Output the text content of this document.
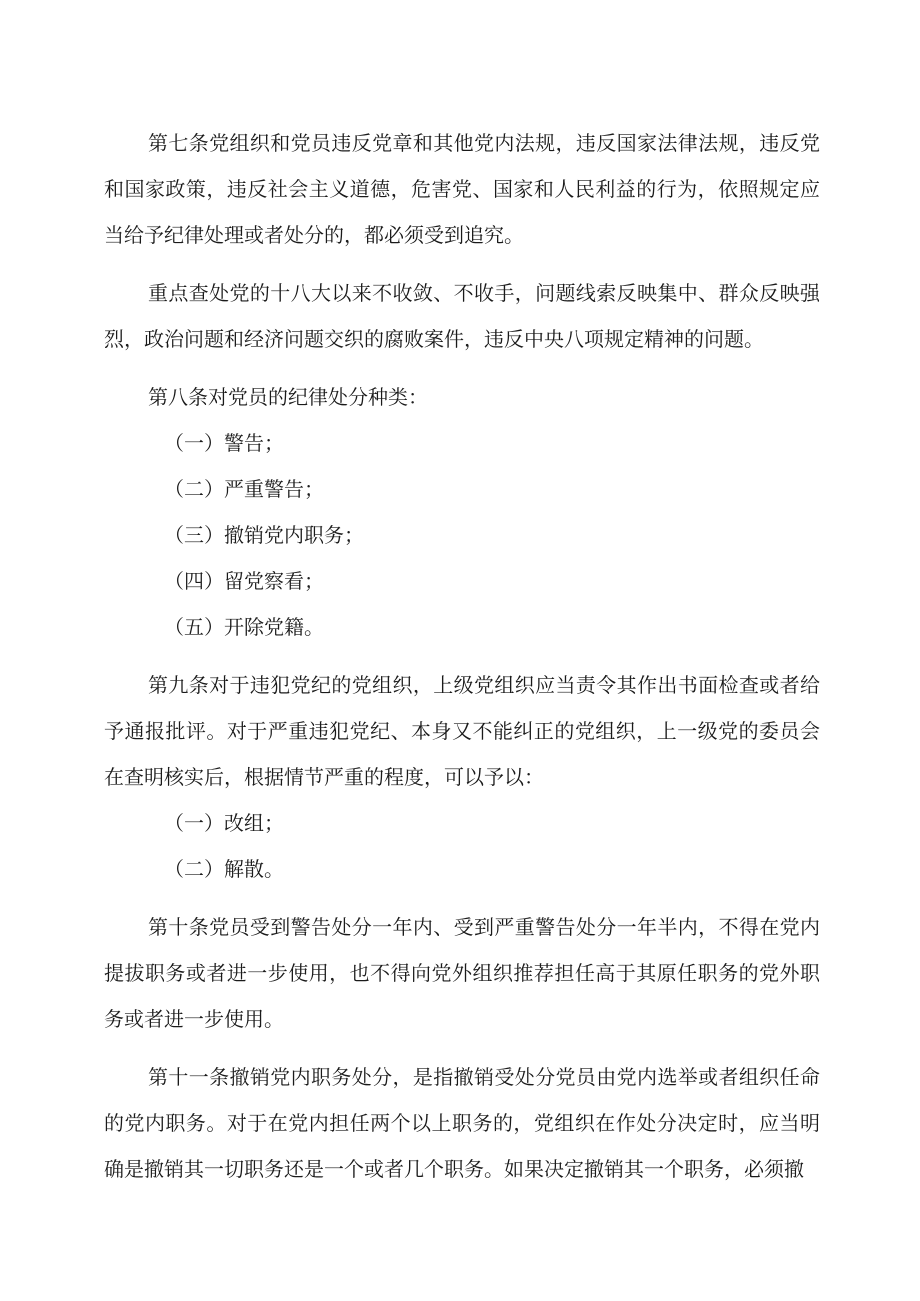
第七条党组织和党员违反党章和其他党内法规，违反国家法律法规，违反党和国家政策，违反社会主义道德，危害党、国家和人民利益的行为，依照规定应当给予纪律处理或者处分的，都必须受到追究。

重点查处党的十八大以来不收敛、不收手，问题线索反映集中、群众反映强烈，政治问题和经济问题交织的腐败案件，违反中央八项规定精神的问题。

第八条对党员的纪律处分种类：

（一）警告；

（二）严重警告；

（三）撤销党内职务；

（四）留党察看；

（五）开除党籍。

第九条对于违犯党纪的党组织，上级党组织应当责令其作出书面检查或者给予通报批评。对于严重违犯党纪、本身又不能纠正的党组织，上一级党的委员会在查明核实后，根据情节严重的程度，可以予以：

（一）改组；

（二）解散。

第十条党员受到警告处分一年内、受到严重警告处分一年半内，不得在党内提拔职务或者进一步使用，也不得向党外组织推荐担任高于其原任职务的党外职务或者进一步使用。

第十一条撤销党内职务处分，是指撤销受处分党员由党内选举或者组织任命的党内职务。对于在党内担任两个以上职务的，党组织在作处分决定时，应当明确是撤销其一切职务还是一个或者几个职务。如果决定撤销其一个职务，必须撤
